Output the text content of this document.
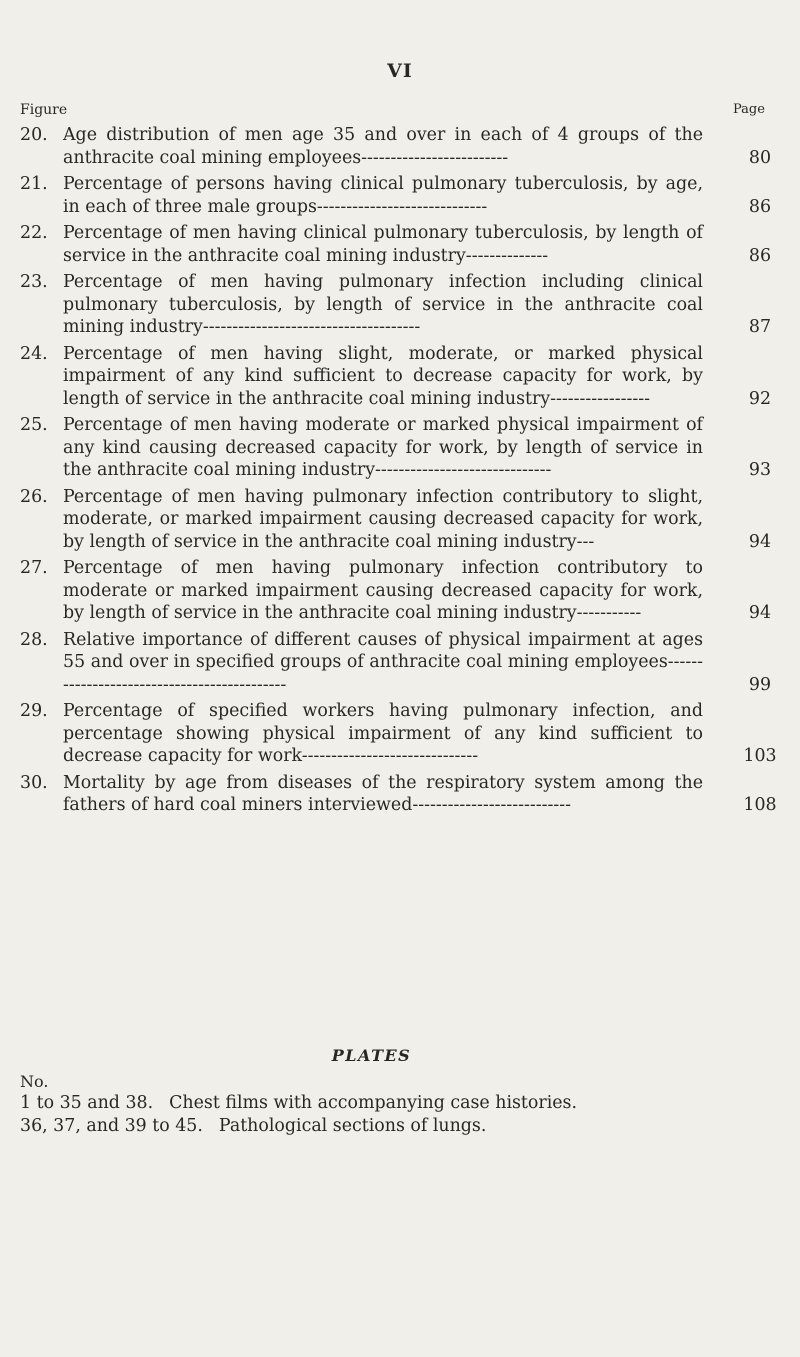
VI
Figure	Page
20. Age distribution of men age 35 and over in each of 4 groups of the anthracite coal mining employees-------------------------	80
21. Percentage of persons having clinical pulmonary tuberculosis, by age, in each of three male groups-----------------------------	86
22. Percentage of men having clinical pulmonary tuberculosis, by length of service in the anthracite coal mining industry--------------	86
23. Percentage of men having pulmonary infection including clinical pulmonary tuberculosis, by length of service in the anthracite coal mining industry-------------------------------------	87
24. Percentage of men having slight, moderate, or marked physical impairment of any kind sufficient to decrease capacity for work, by length of service in the anthracite coal mining industry-----------------	92
25. Percentage of men having moderate or marked physical impairment of any kind causing decreased capacity for work, by length of service in the anthracite coal mining industry------------------------------	93
26. Percentage of men having pulmonary infection contributory to slight, moderate, or marked impairment causing decreased capacity for work, by length of service in the anthracite coal mining industry---	94
27. Percentage of men having pulmonary infection contributory to moderate or marked impairment causing decreased capacity for work, by length of service in the anthracite coal mining industry-----------	94
28. Relative importance of different causes of physical impairment at ages 55 and over in specified groups of anthracite coal mining employees--------------------------------------------	99
29. Percentage of specified workers having pulmonary infection, and percentage showing physical impairment of any kind sufficient to decrease capacity for work------------------------------	103
30. Mortality by age from diseases of the respiratory system among the fathers of hard coal miners interviewed---------------------------	108
PLATES
No.
1 to 35 and 38. Chest films with accompanying case histories.
36, 37, and 39 to 45. Pathological sections of lungs.
